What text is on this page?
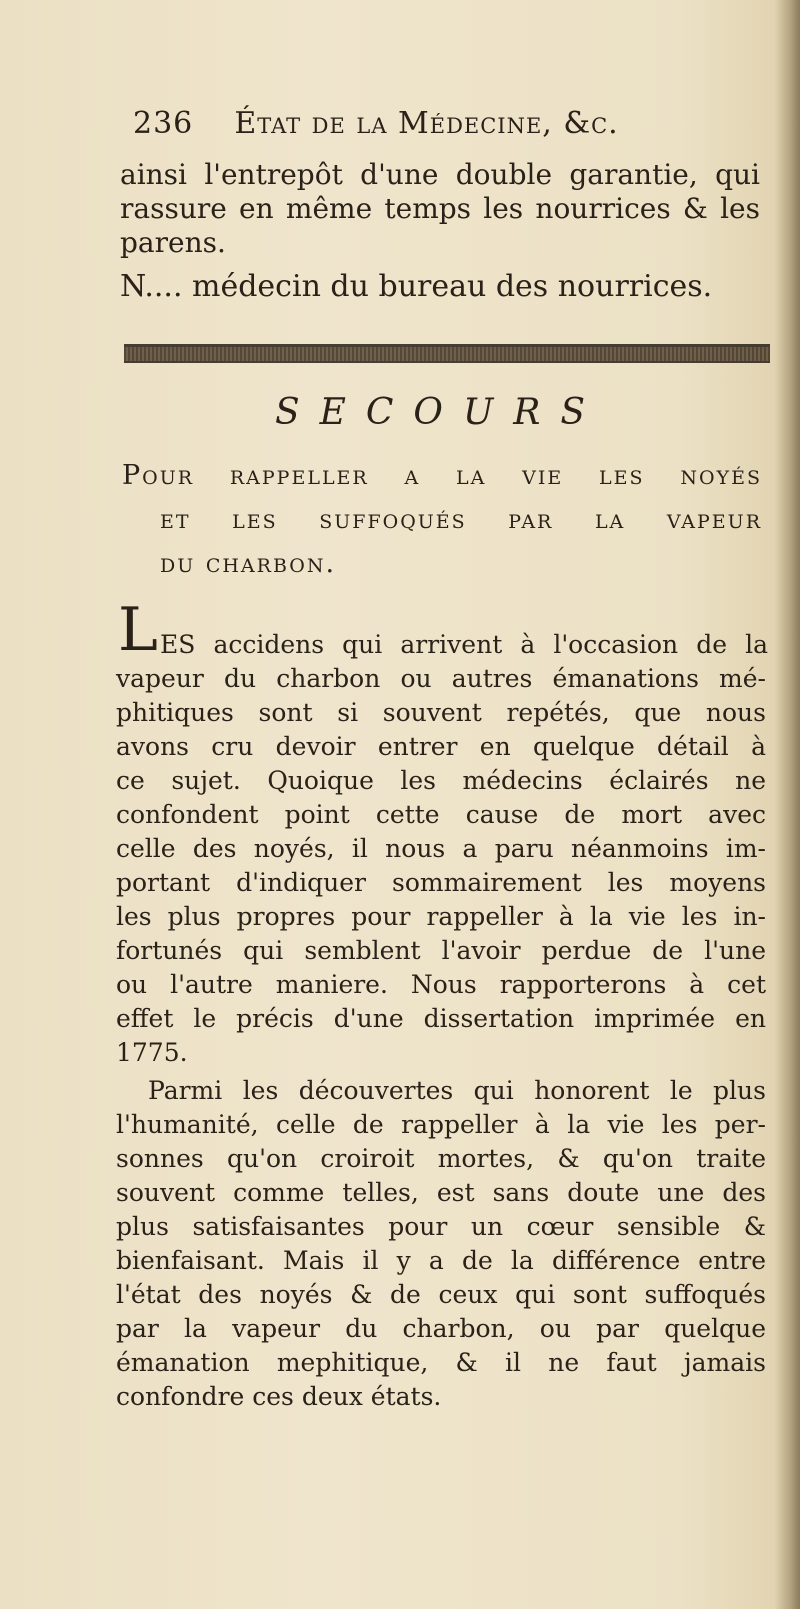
236 État de la Médecine, &c.
ainsi l'entrepôt d'une double garantie, qui
rassure en même temps les nourrices & les
parens.
N.... médecin du bureau des nourrices.
SECOURS
Pour rappeller a la vie les noyés
et les suffoqués par la vapeur
du charbon.
L ES accidens qui arrivent à l'occasion de la
vapeur du charbon ou autres émanations mé-
phitiques sont si souvent repétés, que nous
avons cru devoir entrer en quelque détail à
ce sujet. Quoique les médecins éclairés ne
confondent point cette cause de mort avec
celle des noyés, il nous a paru néanmoins im-
portant d'indiquer sommairement les moyens
les plus propres pour rappeller à la vie les in-
fortunés qui semblent l'avoir perdue de l'une
ou l'autre maniere. Nous rapporterons à cet
effet le précis d'une dissertation imprimée en
1775.
Parmi les découvertes qui honorent le plus
l'humanité, celle de rappeller à la vie les per-
sonnes qu'on croiroit mortes, & qu'on traite
souvent comme telles, est sans doute une des
plus satisfaisantes pour un cœur sensible &
bienfaisant. Mais il y a de la différence entre
l'état des noyés & de ceux qui sont suffoqués
par la vapeur du charbon, ou par quelque
émanation mephitique, & il ne faut jamais
confondre ces deux états.
